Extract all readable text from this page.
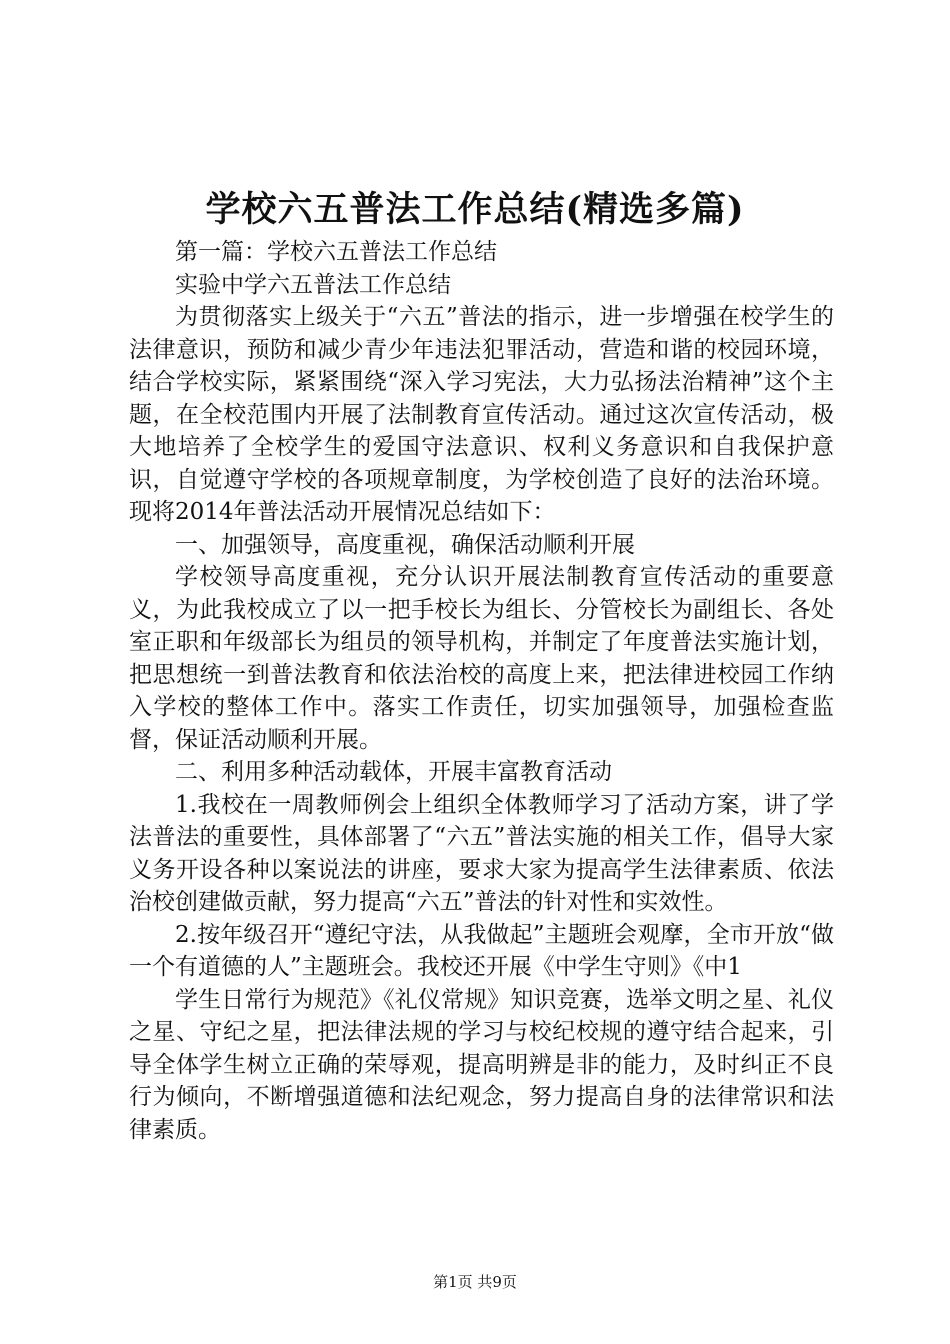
学校六五普法工作总结(精选多篇)

第一篇：学校六五普法工作总结

实验中学六五普法工作总结

为贯彻落实上级关于“六五”普法的指示，进一步增强在校学生的法律意识，预防和减少青少年违法犯罪活动，营造和谐的校园环境，结合学校实际，紧紧围绕“深入学习宪法，大力弘扬法治精神”这个主题，在全校范围内开展了法制教育宣传活动。通过这次宣传活动，极大地培养了全校学生的爱国守法意识、权利义务意识和自我保护意识，自觉遵守学校的各项规章制度，为学校创造了良好的法治环境。现将2014年普法活动开展情况总结如下：

一、加强领导，高度重视，确保活动顺利开展

学校领导高度重视，充分认识开展法制教育宣传活动的重要意义，为此我校成立了以一把手校长为组长、分管校长为副组长、各处室正职和年级部长为组员的领导机构，并制定了年度普法实施计划，把思想统一到普法教育和依法治校的高度上来，把法律进校园工作纳入学校的整体工作中。落实工作责任，切实加强领导，加强检查监督，保证活动顺利开展。

二、利用多种活动载体，开展丰富教育活动

1.我校在一周教师例会上组织全体教师学习了活动方案，讲了学法普法的重要性，具体部署了“六五”普法实施的相关工作，倡导大家义务开设各种以案说法的讲座，要求大家为提高学生法律素质、依法治校创建做贡献，努力提高“六五”普法的针对性和实效性。

2.按年级召开“遵纪守法，从我做起”主题班会观摩，全市开放“做一个有道德的人”主题班会。我校还开展《中学生守则》《中1

学生日常行为规范》《礼仪常规》知识竞赛，选举文明之星、礼仪之星、守纪之星，把法律法规的学习与校纪校规的遵守结合起来，引导全体学生树立正确的荣辱观，提高明辨是非的能力，及时纠正不良行为倾向，不断增强道德和法纪观念，努力提高自身的法律常识和法律素质。

第1页 共9页
